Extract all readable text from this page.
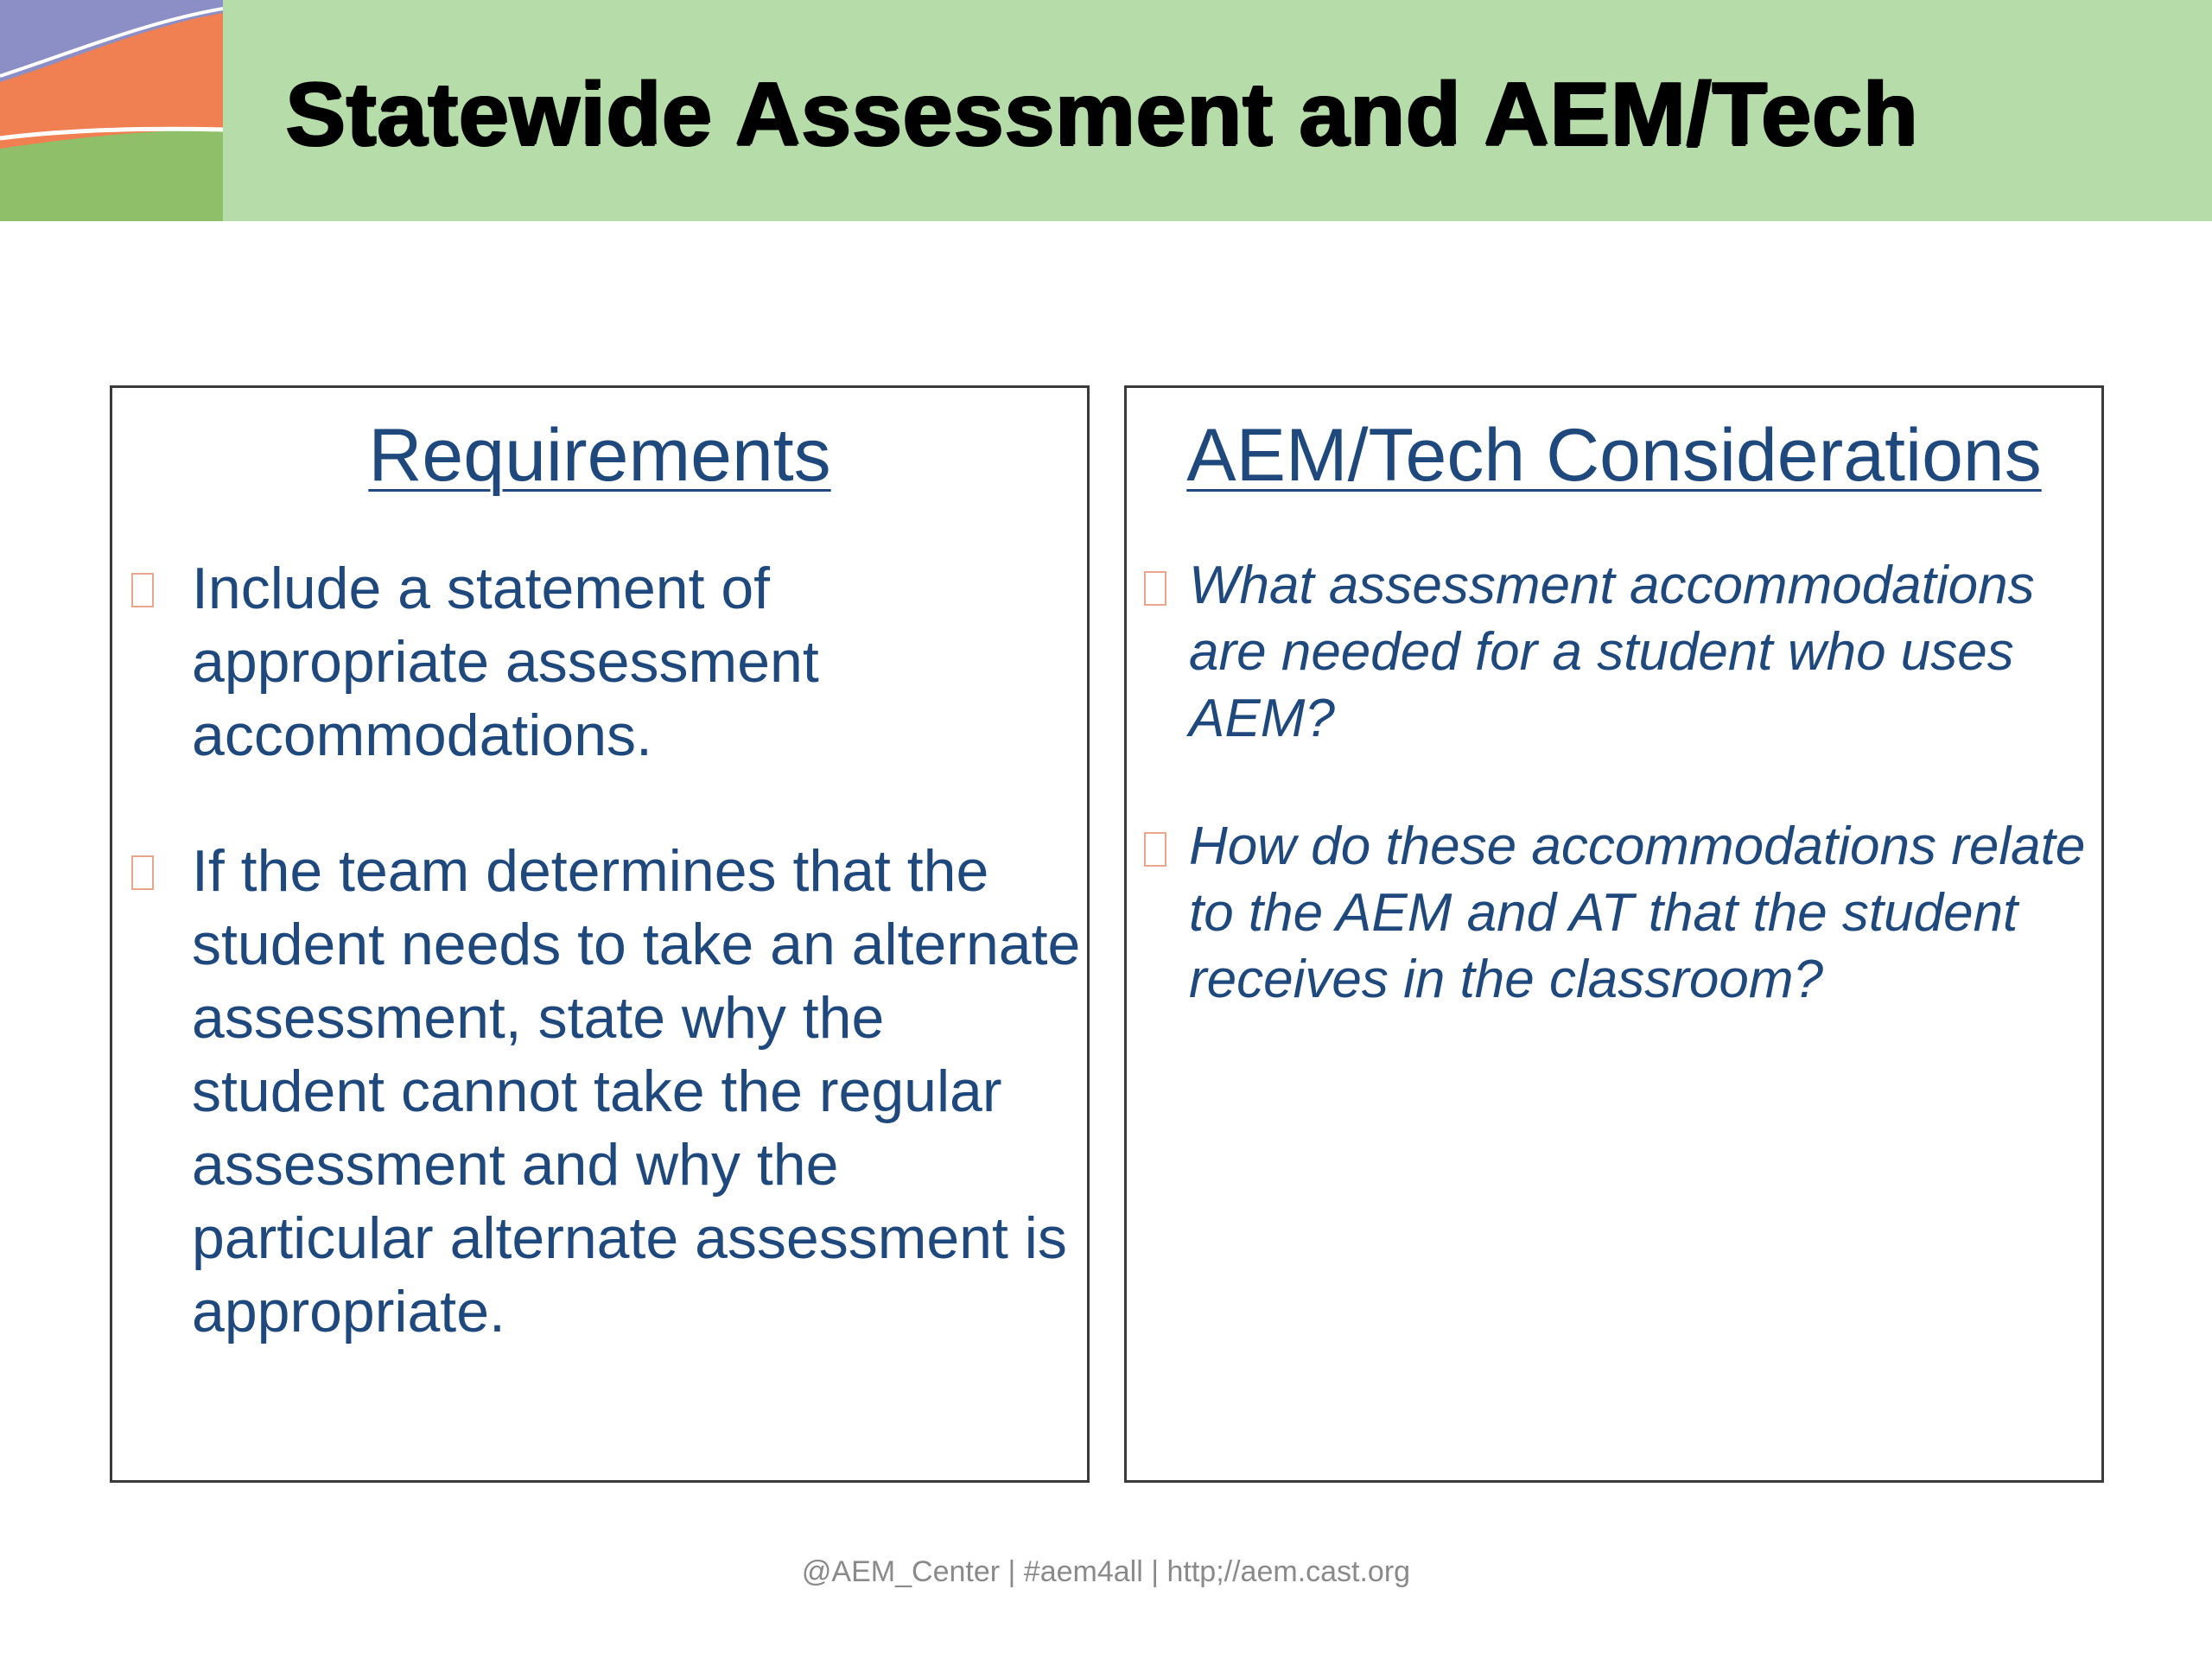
Statewide Assessment and AEM/Tech
Requirements
Include a statement of appropriate assessment accommodations.
If the team determines that the student needs to take an alternate assessment, state why the student cannot take the regular assessment and why the particular alternate assessment is appropriate.
AEM/Tech Considerations
What assessment accommodations are needed for a student who uses AEM?
How do these accommodations relate to the AEM and AT that the student receives in the classroom?
@AEM_Center | #aem4all | http;//aem.cast.org
